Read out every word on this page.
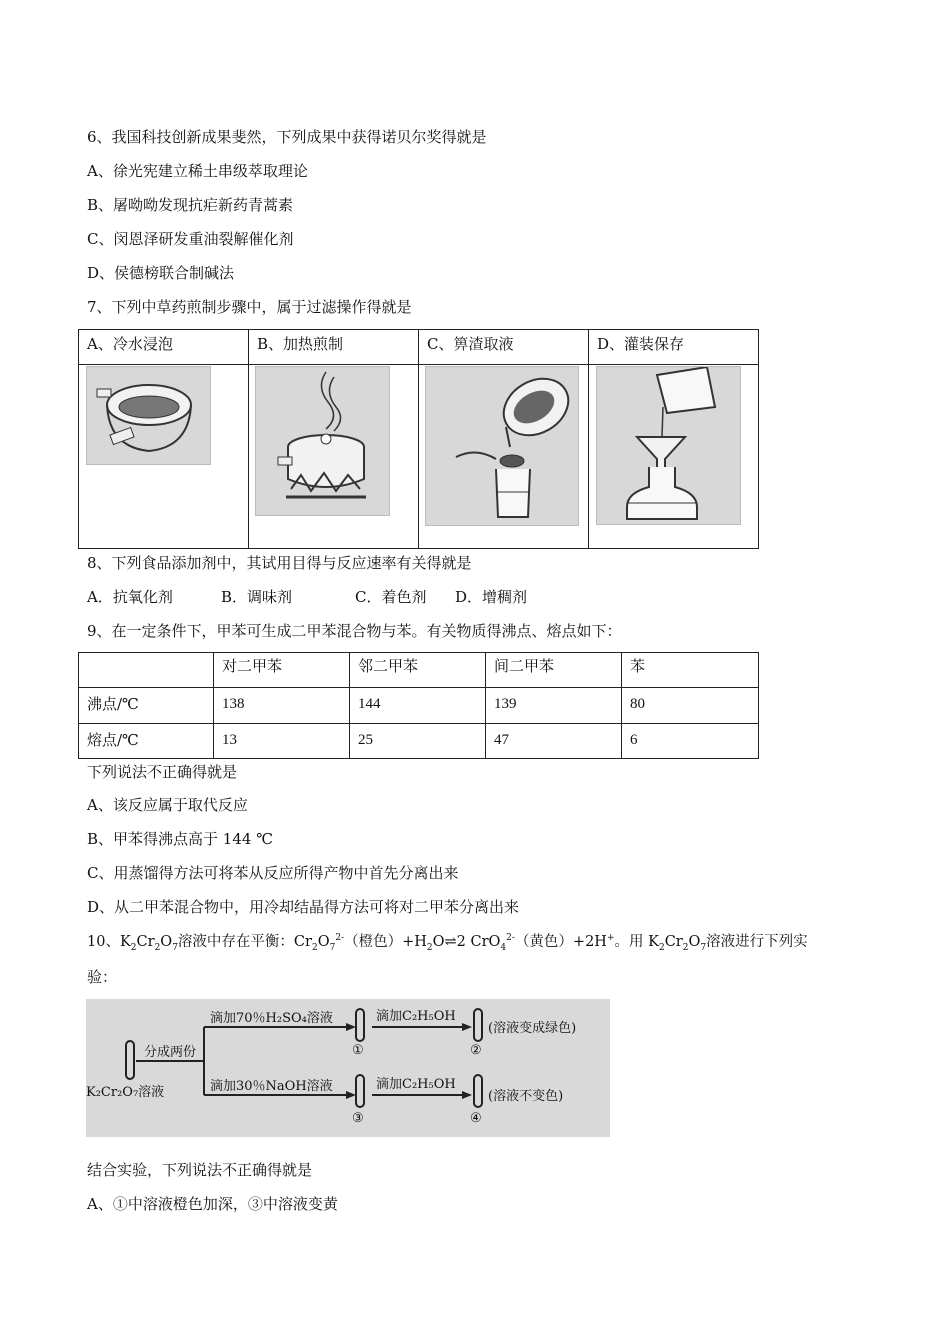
6、我国科技创新成果斐然，下列成果中获得诺贝尔奖得就是
A、徐光宪建立稀土串级萃取理论
B、屠呦呦发现抗疟新药青蒿素
C、闵恩泽研发重油裂解催化剂
D、侯德榜联合制碱法
7、下列中草药煎制步骤中，属于过滤操作得就是
A、冷水浸泡	B、加热煎制	C、箅渣取液	D、灌装保存

8、下列食品添加剂中，其试用目得与反应速率有关得就是
A．抗氧化剂	B．调味剂	C．着色剂 D．增稠剂
9、在一定条件下，甲苯可生成二甲苯混合物与苯。有关物质得沸点、熔点如下：
	对二甲苯	邻二甲苯	间二甲苯	苯
沸点/℃	138	144	139	80
熔点/℃	13	25	47	6
下列说法不正确得就是
A、该反应属于取代反应
B、甲苯得沸点高于 144 ℃
C、用蒸馏得方法可将苯从反应所得产物中首先分离出来
D、从二甲苯混合物中，用冷却结晶得方法可将对二甲苯分离出来
10、$K_2Cr_2O_7$溶液中存在平衡：$Cr_2O_7^{2-}$（橙色）$+H_2O\rightleftharpoons 2$ CrO$_4^{2-}$（黄色）+2H+。用 $K_2Cr_2O_7$溶液进行下列实
验：
分成两份
滴加70％H₂SO₄溶液
滴加30％NaOH溶液
滴加C₂H₅OH
滴加C₂H₅OH
K₂Cr₂O₇溶液
①	②
③	④
(溶液变成绿色)
(溶液不变色)
结合实验，下列说法不正确得就是
A、①中溶液橙色加深，③中溶液变黄
